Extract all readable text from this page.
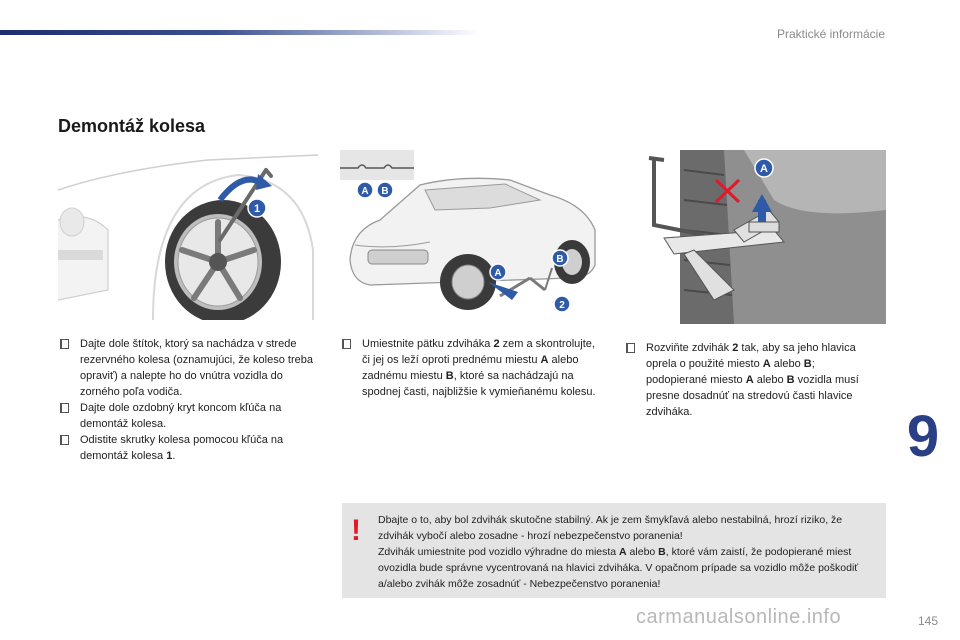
Praktické informácie
Demontáž kolesa
1
A B
A
B
2
A
Dajte dole štítok, ktorý sa nachádza v strede rezervného kolesa (oznamujúci, že koleso treba opraviť) a nalepte ho do vnútra vozidla do zorného poľa vodiča.
Dajte dole ozdobný kryt koncom kľúča na demontáž kolesa.
Odistite skrutky kolesa pomocou kľúča na demontáž kolesa 1.
Umiestnite pätku zdviháka 2 zem a skontrolujte, či jej os leží oproti prednému miestu A alebo zadnému miestu B, ktoré sa nachádzajú na spodnej časti, najbližšie k vymieňanému kolesu.
Rozviňte zdvihák 2 tak, aby sa jeho hlavica oprela o použité miesto A alebo B; podopierané miesto A alebo B vozidla musí presne dosadnúť na stredovú časti hlavice zdviháka.
!	Dbajte o to, aby bol zdvihák skutočne stabilný. Ak je zem šmykľavá alebo nestabilná, hrozí riziko, že zdvihák vybočí alebo zosadne - hrozí nebezpečenstvo poranenia!
Zdvihák umiestnite pod vozidlo výhradne do miesta A alebo B, ktoré vám zaistí, že podopierané miest ovozidla bude správne vycentrovaná na hlavici zdviháka. V opačnom prípade sa vozidlo môže poškodiť a/alebo zvihák môže zosadnúť - Nebezpečenstvo poranenia!
9
carmanualsonline.info	145
